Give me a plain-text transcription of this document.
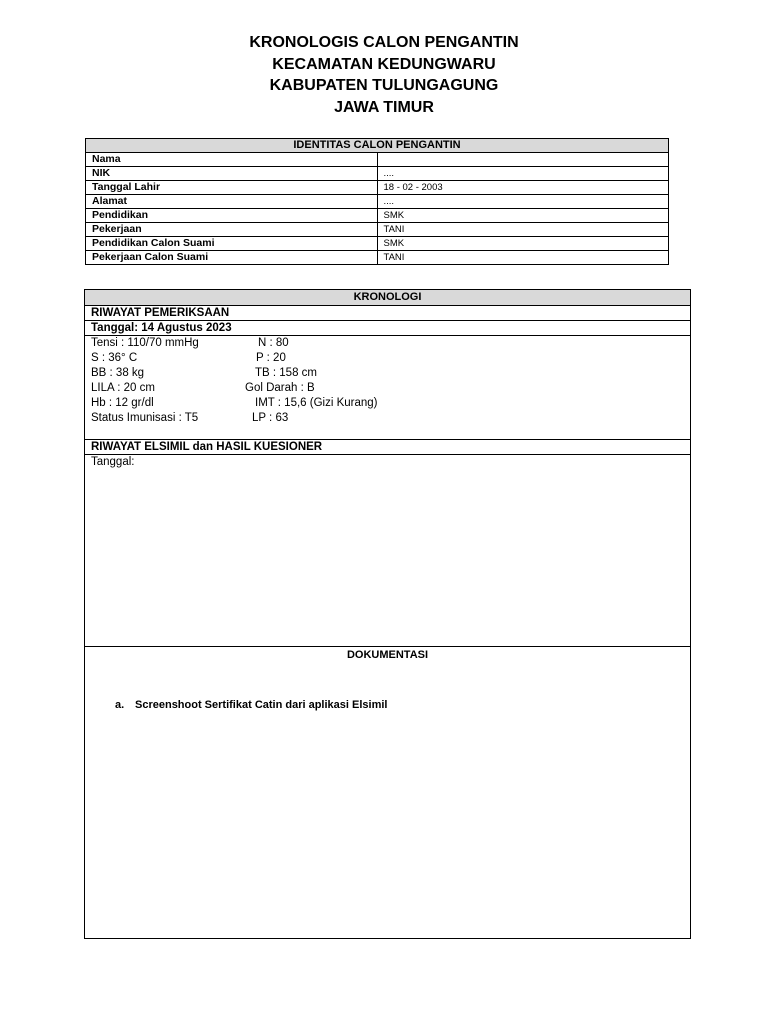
KRONOLOGIS CALON PENGANTIN
KECAMATAN KEDUNGWARU
KABUPATEN TULUNGAGUNG
JAWA TIMUR
IDENTITAS CALON PENGANTIN	
Nama	
NIK	....
Tanggal Lahir	18 - 02 - 2003
Alamat	....
Pendidikan	SMK
Pekerjaan	TANI
Pendidikan Calon Suami	SMK
Pekerjaan Calon Suami	TANI
KRONOLOGI
RIWAYAT PEMERIKSAAN
Tanggal: 14 Agustus 2023
Tensi : 110/70 mmHg	N : 80
S : 36° C	P : 20
BB : 38 kg	TB : 158 cm
LILA : 20 cm	Gol Darah : B
Hb : 12 gr/dl	IMT : 15,6 (Gizi Kurang)
Status Imunisasi : T5	LP : 63
RIWAYAT ELSIMIL dan HASIL KUESIONER
Tanggal:
DOKUMENTASI
a. Screenshoot Sertifikat Catin dari aplikasi Elsimil
